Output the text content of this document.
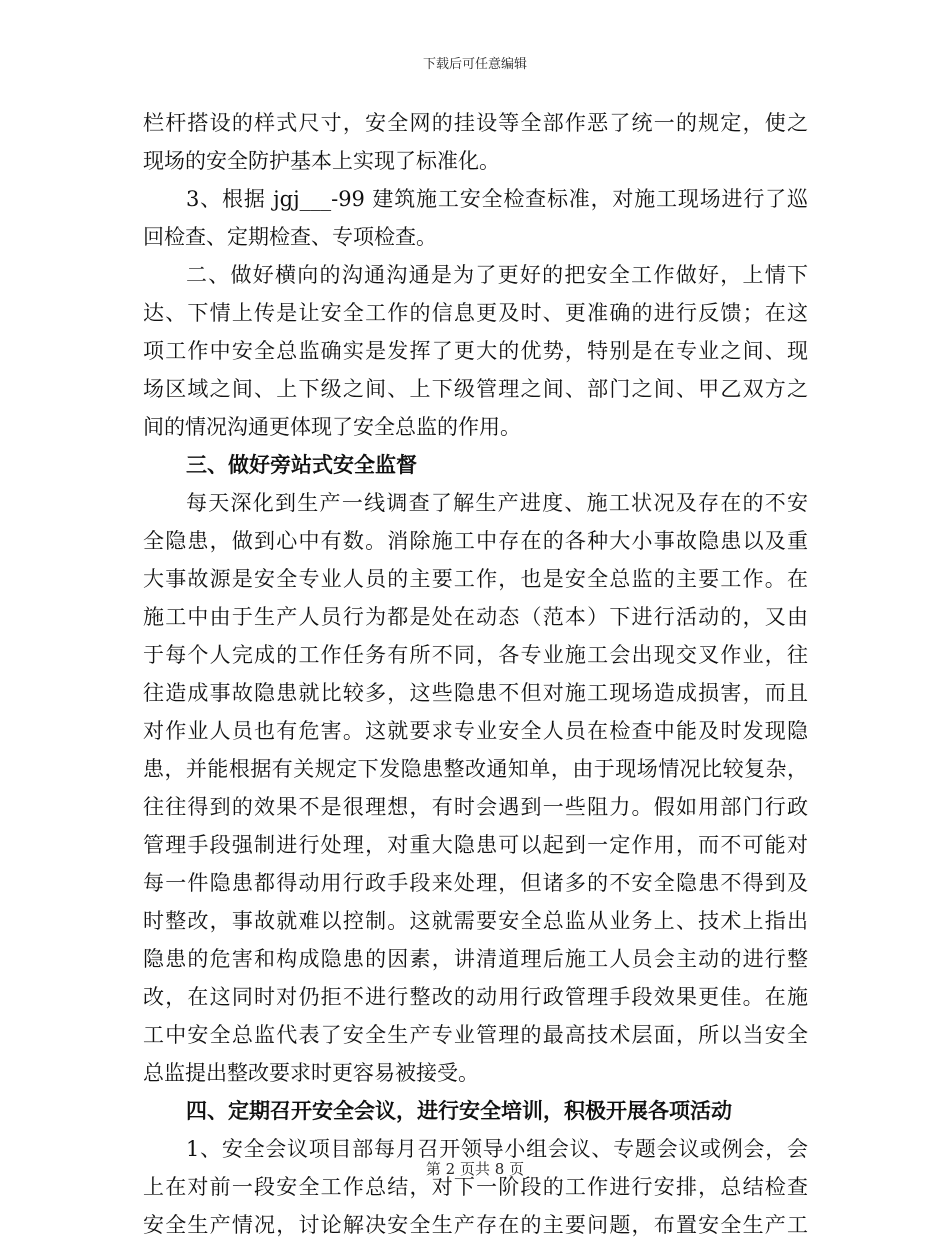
下载后可任意编辑
栏杆搭设的样式尺寸，安全网的挂设等全部作恶了统一的规定，使之
现场的安全防护基本上实现了标准化。
3、根据 jgj___-99 建筑施工安全检查标准，对施工现场进行了巡
回检查、定期检查、专项检查。
二、做好横向的沟通沟通是为了更好的把安全工作做好，上情下
达、下情上传是让安全工作的信息更及时、更准确的进行反馈；在这
项工作中安全总监确实是发挥了更大的优势，特别是在专业之间、现
场区域之间、上下级之间、上下级管理之间、部门之间、甲乙双方之
间的情况沟通更体现了安全总监的作用。
三、做好旁站式安全监督
每天深化到生产一线调查了解生产进度、施工状况及存在的不安
全隐患，做到心中有数。消除施工中存在的各种大小事故隐患以及重
大事故源是安全专业人员的主要工作，也是安全总监的主要工作。在
施工中由于生产人员行为都是处在动态（范本）下进行活动的，又由
于每个人完成的工作任务有所不同，各专业施工会出现交叉作业，往
往造成事故隐患就比较多，这些隐患不但对施工现场造成损害，而且
对作业人员也有危害。这就要求专业安全人员在检查中能及时发现隐
患，并能根据有关规定下发隐患整改通知单，由于现场情况比较复杂，
往往得到的效果不是很理想，有时会遇到一些阻力。假如用部门行政
管理手段强制进行处理，对重大隐患可以起到一定作用，而不可能对
每一件隐患都得动用行政手段来处理，但诸多的不安全隐患不得到及
时整改，事故就难以控制。这就需要安全总监从业务上、技术上指出
隐患的危害和构成隐患的因素，讲清道理后施工人员会主动的进行整
改，在这同时对仍拒不进行整改的动用行政管理手段效果更佳。在施
工中安全总监代表了安全生产专业管理的最高技术层面，所以当安全
总监提出整改要求时更容易被接受。
四、定期召开安全会议，进行安全培训，积极开展各项活动
1、安全会议项目部每月召开领导小组会议、专题会议或例会，会
上在对前一段安全工作总结，对下一阶段的工作进行安排，总结检查
安全生产情况，讨论解决安全生产存在的主要问题，布置安全生产工
第 2 页共 8 页
